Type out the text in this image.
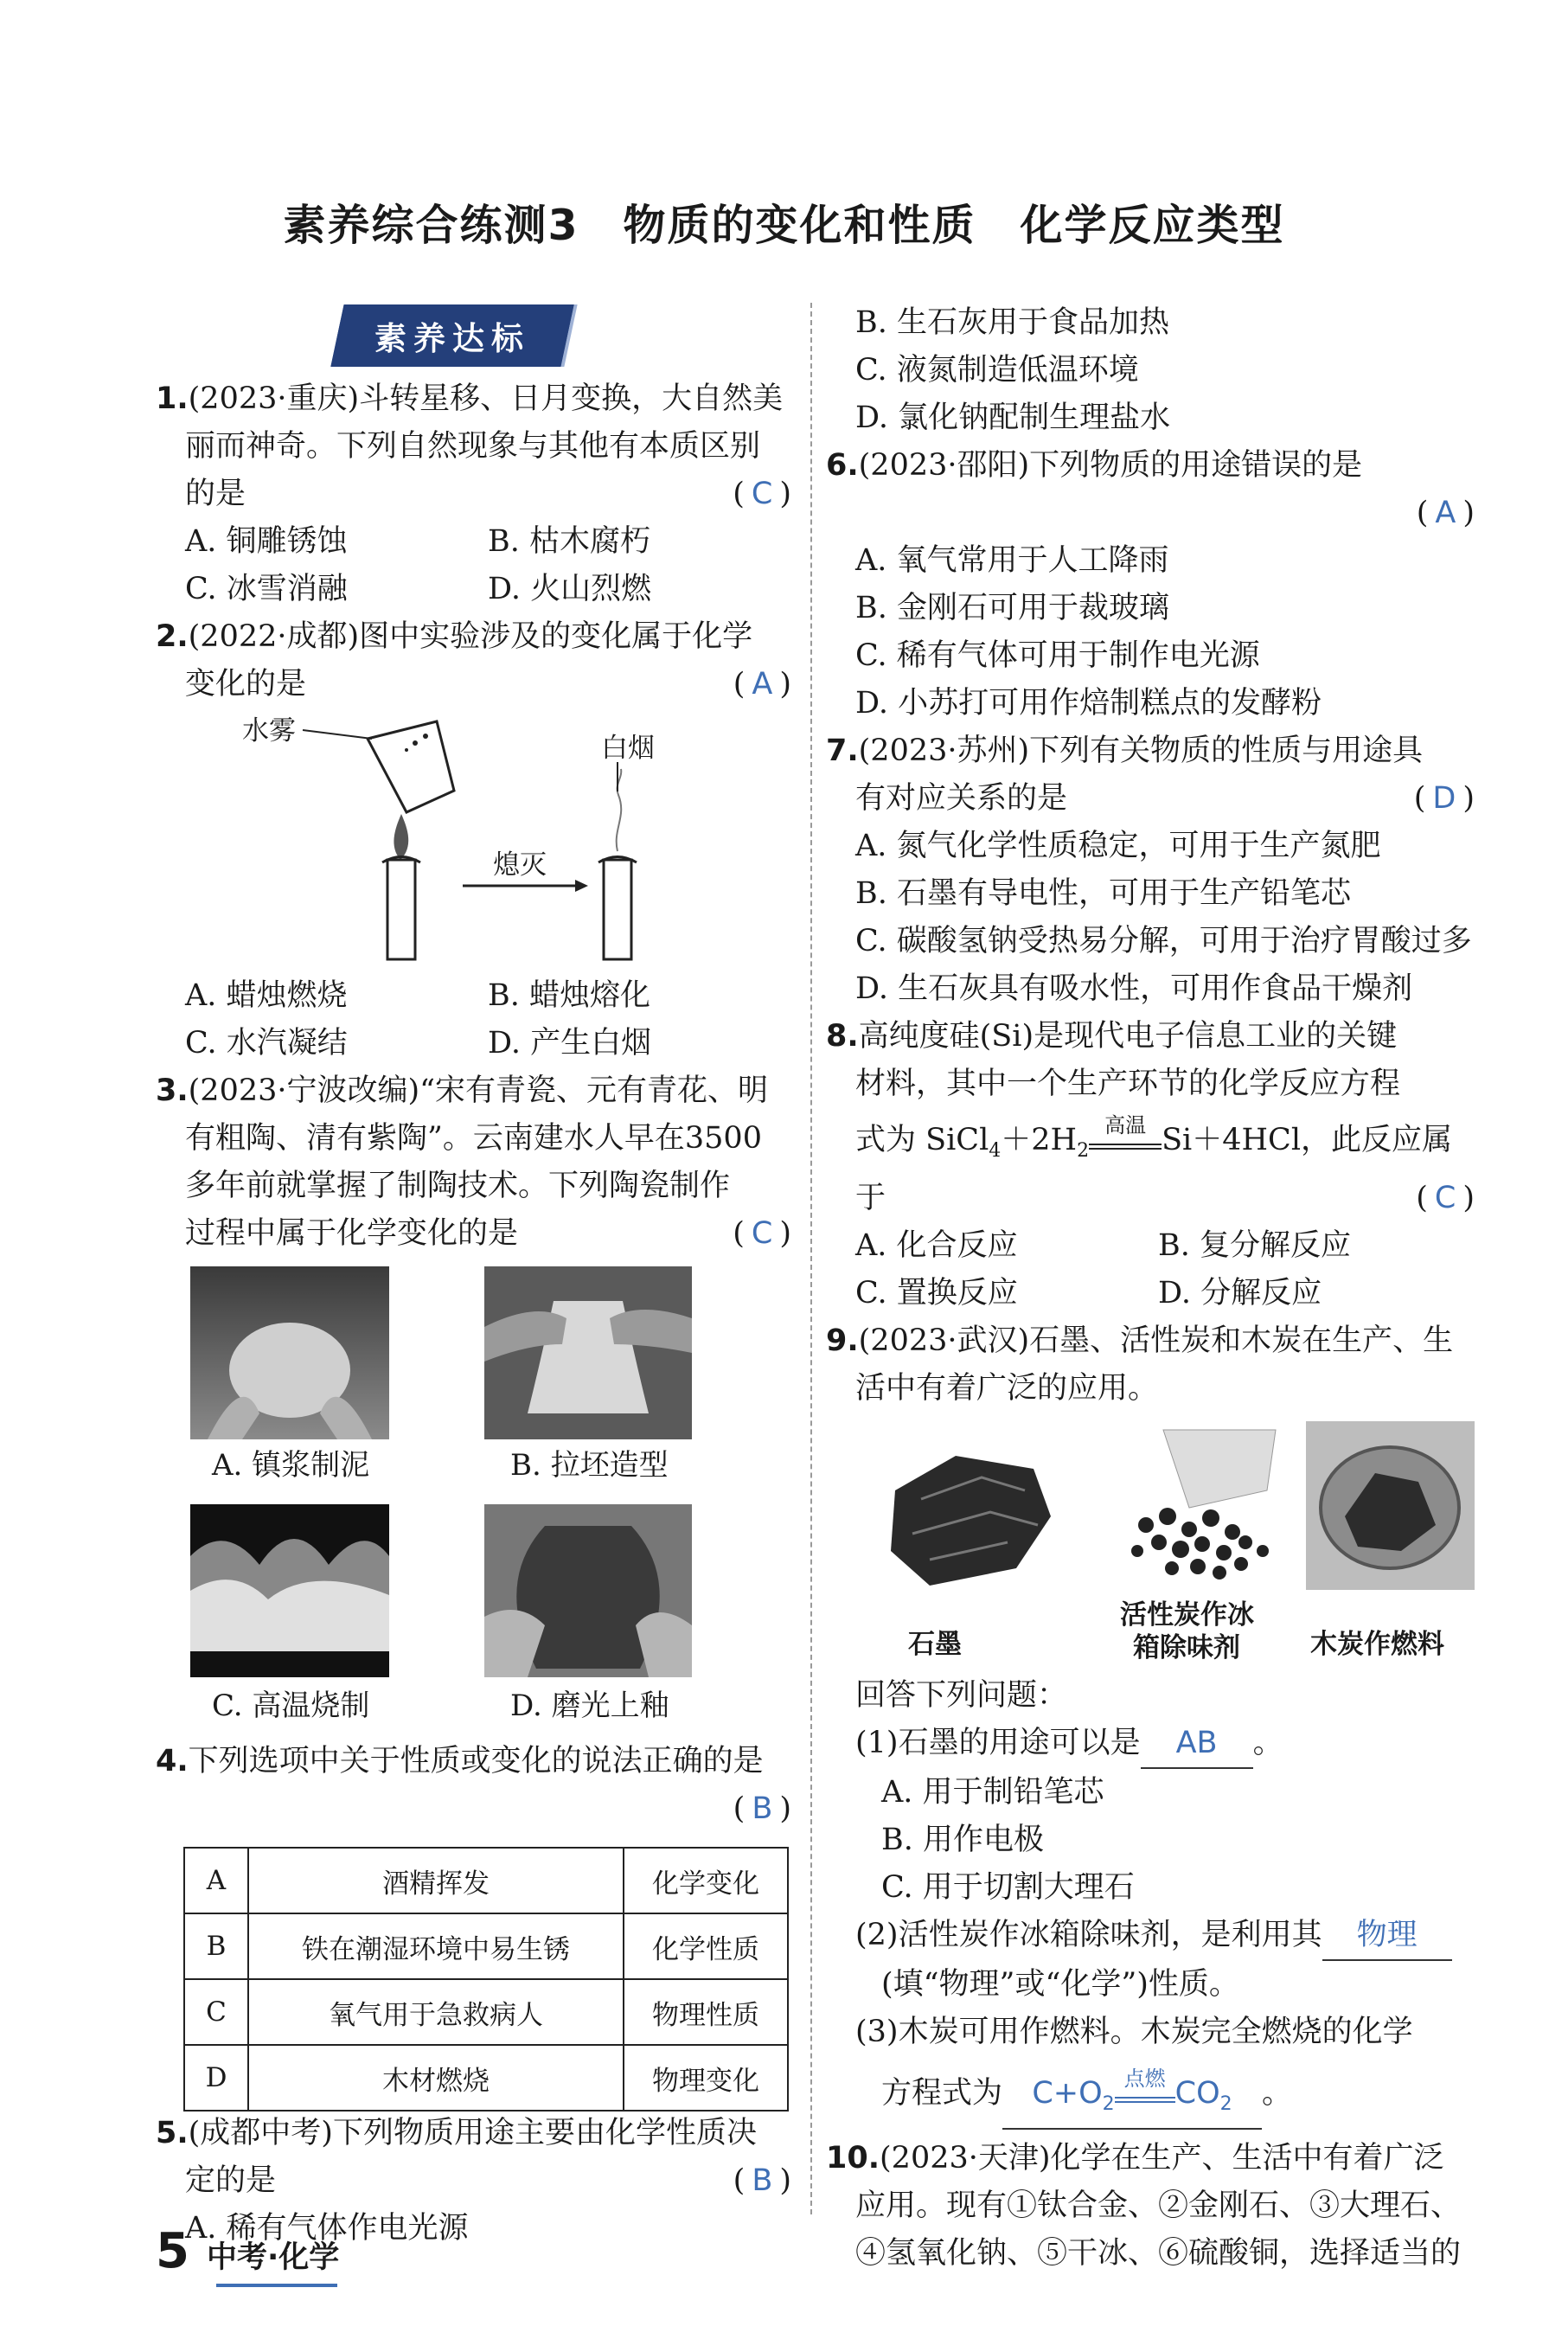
素养综合练测3　物质的变化和性质　化学反应类型
素养达标
1.(2023·重庆)斗转星移、日月变换，大自然美
丽而神奇。下列自然现象与其他有本质区别
的是	( C )
A. 铜雕锈蚀	B. 枯木腐朽
C. 冰雪消融	D. 火山烈燃
2.(2022·成都)图中实验涉及的变化属于化学
变化的是	( A )
水雾
白烟
熄灭
A. 蜡烛燃烧	B. 蜡烛熔化
C. 水汽凝结	D. 产生白烟
3.(2023·宁波改编)“宋有青瓷、元有青花、明
有粗陶、清有紫陶”。云南建水人早在3500
多年前就掌握了制陶技术。下列陶瓷制作
过程中属于化学变化的是	( C )
A. 镇浆制泥	B. 拉坯造型
C. 高温烧制	D. 磨光上釉
4.下列选项中关于性质或变化的说法正确的是
( B )

A	酒精挥发	化学变化
B	铁在潮湿环境中易生锈	化学性质
C	氧气用于急救病人	物理性质
D	木材燃烧	物理变化
5.(成都中考)下列物质用途主要由化学性质决
定的是	( B )
A. 稀有气体作电光源
B. 生石灰用于食品加热
C. 液氮制造低温环境
D. 氯化钠配制生理盐水
6.(2023·邵阳)下列物质的用途错误的是
( A )

A. 氧气常用于人工降雨
B. 金刚石可用于裁玻璃
C. 稀有气体可用于制作电光源
D. 小苏打可用作焙制糕点的发酵粉
7.(2023·苏州)下列有关物质的性质与用途具
有对应关系的是	( D )
A. 氮气化学性质稳定，可用于生产氮肥
B. 石墨有导电性，可用于生产铅笔芯
C. 碳酸氢钠受热易分解，可用于治疗胃酸过多
D. 生石灰具有吸水性，可用作食品干燥剂
8.高纯度硅(Si)是现代电子信息工业的关键
材料，其中一个生产环节的化学反应方程
式为 $SiCl_4+2H_2$
高温 Si＋4HCl，此反应属
于	( C )
A. 化合反应	B. 复分解反应
C. 置换反应	D. 分解反应
9.(2023·武汉)石墨、活性炭和木炭在生产、生
活中有着广泛的应用。
石墨
活性炭作冰
箱除味剂	木炭作燃料
回答下列问题：
(1)石墨的用途可以是 AB 。
A. 用于制铅笔芯
B. 用作电极
C. 用于切割大理石
(2)活性炭作冰箱除味剂，是利用其 物理
(填“物理”或“化学”)性质。
(3)木炭可用作燃料。木炭完全燃烧的化学
方程式为 $C+O_2$
点燃 $CO_2$ 。
10.(2023·天津)化学在生产、生活中有着广泛
应用。现有①钛合金、②金刚石、③大理石、
④氢氧化钠、⑤干冰、⑥硫酸铜，选择适当的
5 中考·化学
